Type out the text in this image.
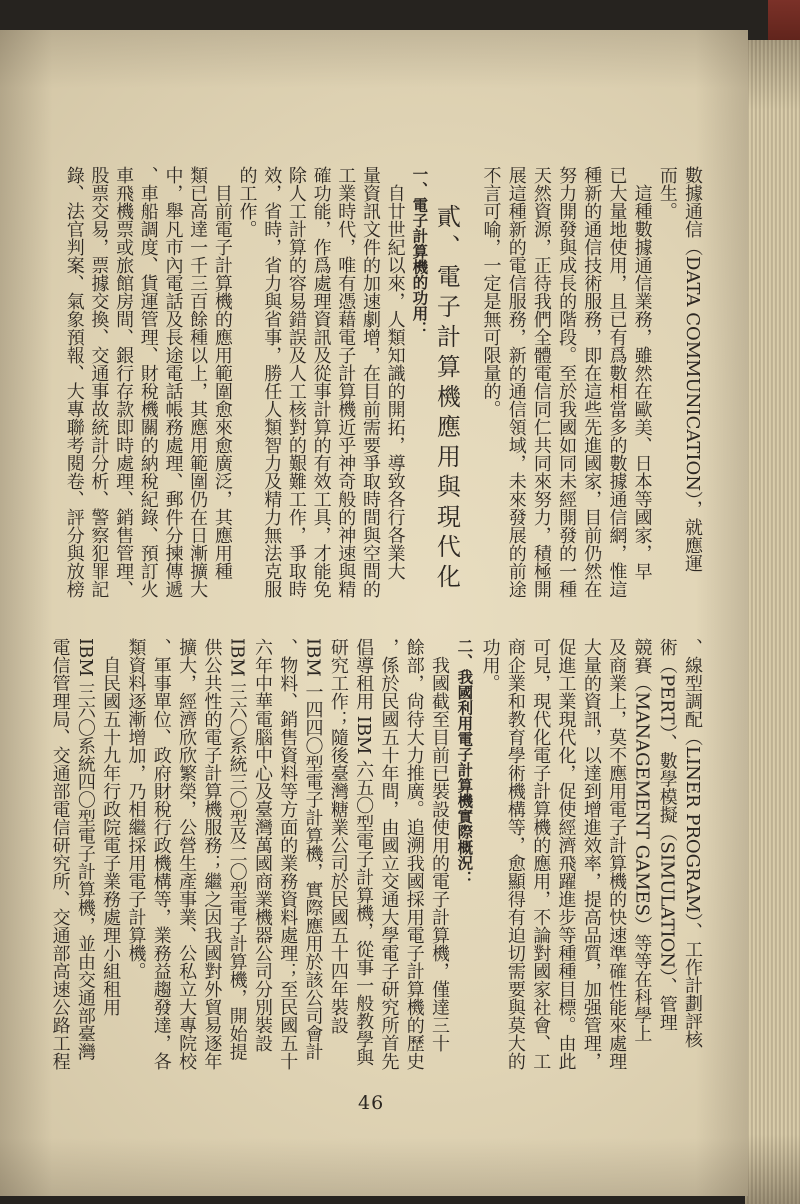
數據通信（DATA COMMUNICATION），就應運
而生。
這種數據通信業務，雖然在歐美、日本等國家，早
已大量地使用，且已有爲數相當多的數據通信網，惟這
種新的通信技術服務，即在這些先進國家，目前仍然在
努力開發與成長的階段。至於我國如同未經開發的一種
天然資源，正待我們全體電信同仁共同來努力，積極開
展這種新的電信服務，新的通信領域，未來發展的前途
不言可喻，一定是無可限量的。
貳、電子計算機應用與現代化
一、電子計算機的功用：
自廿世紀以來，人類知識的開拓，導致各行各業大
量資訊文件的加速劇增，在目前需要爭取時間與空間的
工業時代，唯有憑藉電子計算機近乎神奇般的神速與精
確功能，作爲處理資訊及從事計算的有效工具，才能免
除人工計算的容易錯誤及人工核對的艱難工作，爭取時
效，省時，省力與省事，勝任人類智力及精力無法克服
的工作。
目前電子計算機的應用範圍愈來愈廣泛，其應用種
類已高達一千三百餘種以上，其應用範圍仍在日漸擴大
中，舉凡市內電話及長途電話帳務處理、郵件分揀傳遞
、車船調度、貨運管理、財稅機關的納稅紀錄、預訂火
車飛機票或旅館房間、銀行存款即時處理、銷售管理、
股票交易，票據交換、交通事故統計分析、警察犯罪記
錄、法官判案、氣象預報、大專聯考閱卷、評分與放榜
、線型調配（LINER PROGRAM）、工作計劃評核
術（PERT）、數學模擬（SIMULATION）、管理
競賽（MANAGEMENT GAMES）等等在科學上
及商業上，莫不應用電子計算機的快速準確性能來處理
大量的資訊，以達到增進效率，提高品質，加强管理，
促進工業現代化，促使經濟飛躍進步等種種目標。由此
可見，現代化電子計算機的應用，不論對國家社會、工
商企業和教育學術機構等，愈顯得有迫切需要與莫大的
功用。
二、我國利用電子計算機實際概況：
我國截至目前已裝設使用的電子計算機，僅達三十
餘部，尙待大力推廣。追溯我國採用電子計算機的歷史
，係於民國五十年間，由國立交通大學電子研究所首先
倡導租用 IBM 六五〇型電子計算機，從事一般教學與
研究工作；隨後臺灣糖業公司於民國五十四年裝設
IBM 一四四〇型電子計算機，實際應用於該公司會計
、物料、銷售資料等方面的業務資料處理；至民國五十
六年中華電腦中心及臺灣萬國商業機器公司分別裝設
IBM 三六〇系統三〇型及二〇型電子計算機，開始提
供公共性的電子計算機服務；繼之因我國對外貿易逐年
擴大，經濟欣欣繁榮，公營生產事業、公私立大專院校
、軍事單位、政府財稅行政機構等，業務益趨發達，各
類資料逐漸增加，乃相繼採用電子計算機。
自民國五十九年行政院電子業務處理小組租用
IBM 三六〇系統四〇型電子計算機，並由交通部臺灣
電信管理局、交通部電信研究所、交通部高速公路工程
46
